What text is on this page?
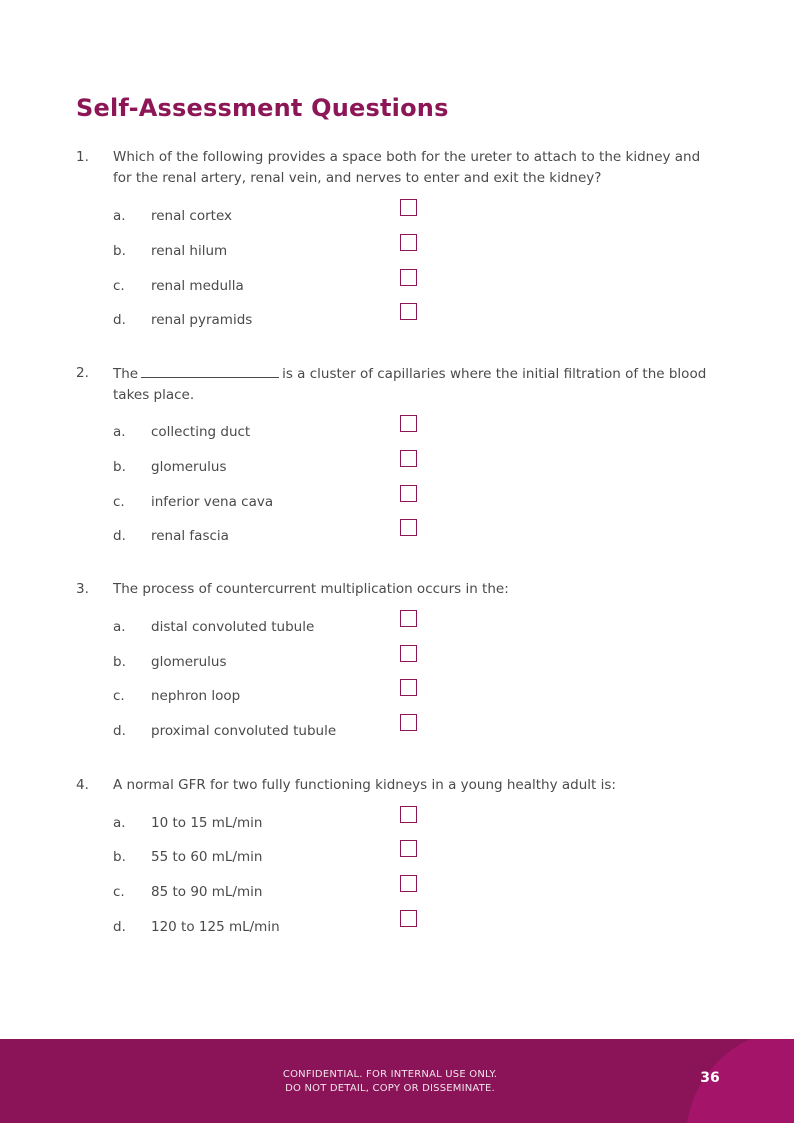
Self-Assessment Questions
1. Which of the following provides a space both for the ureter to attach to the kidney and for the renal artery, renal vein, and nerves to enter and exit the kidney?
a. renal cortex
b. renal hilum
c. renal medulla
d. renal pyramids
2. The	is a cluster of capillaries where the initial filtration of the blood takes place.
a. collecting duct
b. glomerulus
c. inferior vena cava
d. renal fascia
3. The process of countercurrent multiplication occurs in the:
a. distal convoluted tubule
b. glomerulus
c. nephron loop
d. proximal convoluted tubule
4. A normal GFR for two fully functioning kidneys in a young healthy adult is:
a. 10 to 15 mL/min
b. 55 to 60 mL/min
c. 85 to 90 mL/min
d. 120 to 125 mL/min
CONFIDENTIAL. FOR INTERNAL USE ONLY.
DO NOT DETAIL, COPY OR DISSEMINATE.
36
